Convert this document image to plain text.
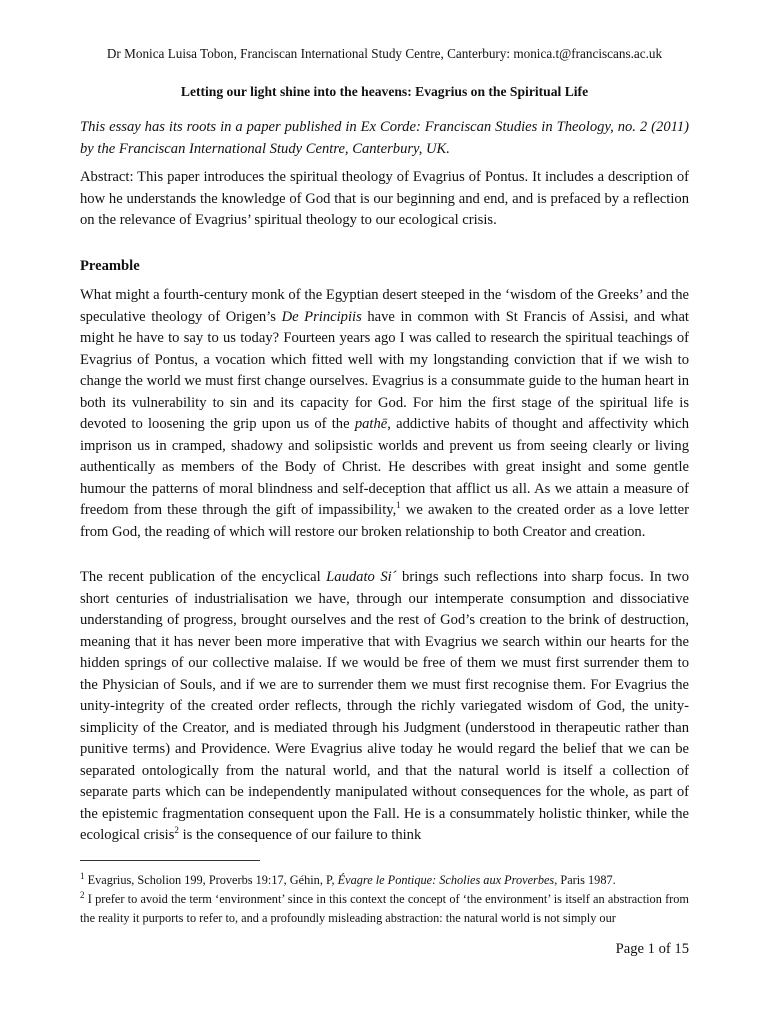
Dr Monica Luisa Tobon, Franciscan International Study Centre, Canterbury: monica.t@franciscans.ac.uk
Letting our light shine into the heavens: Evagrius on the Spiritual Life

This essay has its roots in a paper published in Ex Corde: Franciscan Studies in Theology, no. 2 (2011) by the Franciscan International Study Centre, Canterbury, UK.

Abstract: This paper introduces the spiritual theology of Evagrius of Pontus. It includes a description of how he understands the knowledge of God that is our beginning and end, and is prefaced by a reflection on the relevance of Evagrius’ spiritual theology to our ecological crisis.

Preamble

What might a fourth-century monk of the Egyptian desert steeped in the ‘wisdom of the Greeks’ and the speculative theology of Origen’s De Principiis have in common with St Francis of Assisi, and what might he have to say to us today? Fourteen years ago I was called to research the spiritual teachings of Evagrius of Pontus, a vocation which fitted well with my longstanding conviction that if we wish to change the world we must first change ourselves. Evagrius is a consummate guide to the human heart in both its vulnerability to sin and its capacity for God. For him the first stage of the spiritual life is devoted to loosening the grip upon us of the pathē, addictive habits of thought and affectivity which imprison us in cramped, shadowy and solipsistic worlds and prevent us from seeing clearly or living authentically as members of the Body of Christ. He describes with great insight and some gentle humour the patterns of moral blindness and self-deception that afflict us all. As we attain a measure of freedom from these through the gift of impassibility,$^1$ we awaken to the created order as a love letter from God, the reading of which will restore our broken relationship to both Creator and creation.

The recent publication of the encyclical Laudato Si´ brings such reflections into sharp focus. In two short centuries of industrialisation we have, through our intemperate consumption and dissociative understanding of progress, brought ourselves and the rest of God’s creation to the brink of destruction, meaning that it has never been more imperative that with Evagrius we search within our hearts for the hidden springs of our collective malaise. If we would be free of them we must first surrender them to the Physician of Souls, and if we are to surrender them we must first recognise them. For Evagrius the unity-integrity of the created order reflects, through the richly variegated wisdom of God, the unity-simplicity of the Creator, and is mediated through his Judgment (understood in therapeutic rather than punitive terms) and Providence. Were Evagrius alive today he would regard the belief that we can be separated ontologically from the natural world, and that the natural world is itself a collection of separate parts which can be independently manipulated without consequences for the whole, as part of the epistemic fragmentation consequent upon the Fall. He is a consummately holistic thinker, while the ecological crisis$^2$ is the consequence of our failure to think

$^1$ Evagrius, Scholion 199, Proverbs 19:17, Géhin, P, Évagre le Pontique: Scholies aux Proverbes, Paris 1987.

$^2$ I prefer to avoid the term ‘environment’ since in this context the concept of ‘the environment’ is itself an abstraction from the reality it purports to refer to, and a profoundly misleading abstraction: the natural world is not simply our

Page 1 of 15
